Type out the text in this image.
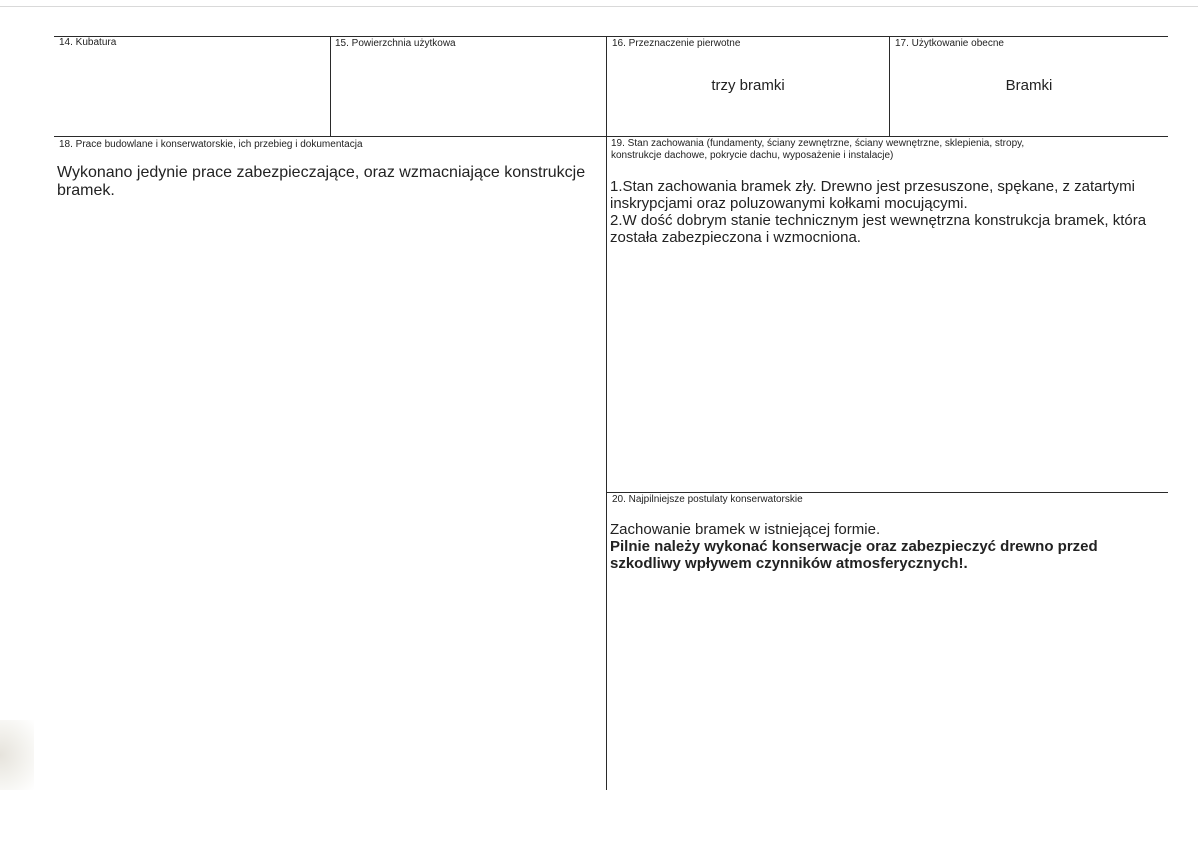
14. Kubatura	15. Powierzchnia użytkowa	16. Przeznaczenie pierwotne
trzy bramki
17. Użytkowanie obecne
Bramki
18. Prace budowlane i konserwatorskie, ich przebieg i dokumentacja

Wykonano jedynie prace zabezpieczające, oraz wzmacniające konstrukcje bramek.

19. Stan zachowania (fundamenty, ściany zewnętrzne, ściany wewnętrzne, sklepienia, stropy,
konstrukcje dachowe, pokrycie dachu, wyposażenie i instalacje)

1.Stan zachowania bramek zły. Drewno jest przesuszone, spękane, z zatartymi inskrypcjami oraz poluzowanymi kołkami mocującymi.

2.W dość dobrym stanie technicznym jest wewnętrzna konstrukcja bramek, która została zabezpieczona i wzmocniona.

20. Najpilniejsze postulaty konserwatorskie

Zachowanie bramek w istniejącej formie.

Pilnie należy wykonać konserwacje oraz zabezpieczyć drewno przed szkodliwy wpływem czynników atmosferycznych!.
